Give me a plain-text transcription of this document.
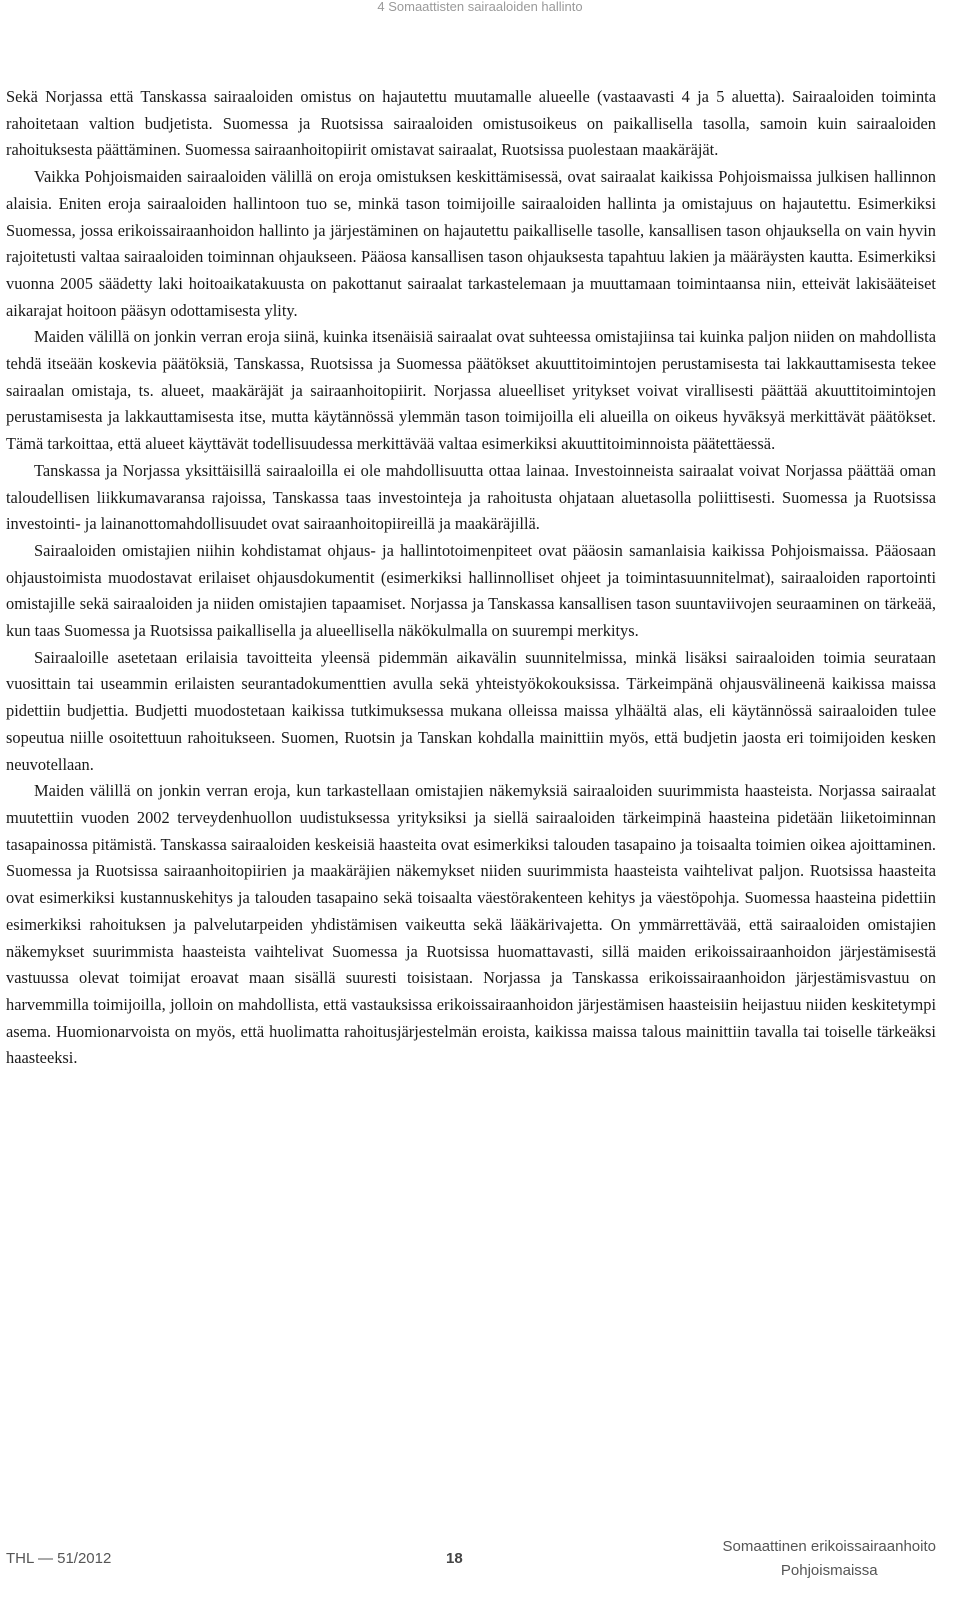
4 Somaattisten sairaaloiden hallinto

Sekä Norjassa että Tanskassa sairaaloiden omistus on hajautettu muutamalle alueelle (vastaavasti 4 ja 5 aluetta). Sairaaloiden toiminta rahoitetaan valtion budjetista. Suomessa ja Ruotsissa sairaaloiden omistusoikeus on paikallisella tasolla, samoin kuin sairaaloiden rahoituksesta päättäminen. Suomessa sairaanhoitopiirit omistavat sairaalat, Ruotsissa puolestaan maakäräjät.

Vaikka Pohjoismaiden sairaaloiden välillä on eroja omistuksen keskittämisessä, ovat sairaalat kaikissa Pohjoismaissa julkisen hallinnon alaisia. Eniten eroja sairaaloiden hallintoon tuo se, minkä tason toimijoille sairaaloiden hallinta ja omistajuus on hajautettu. Esimerkiksi Suomessa, jossa erikoissairaanhoidon hallinto ja järjestäminen on hajautettu paikalliselle tasolle, kansallisen tason ohjauksella on vain hyvin rajoitetusti valtaa sairaaloiden toiminnan ohjaukseen. Pääosa kansallisen tason ohjauksesta tapahtuu lakien ja määräysten kautta. Esimerkiksi vuonna 2005 säädetty laki hoitoaikatakuusta on pakottanut sairaalat tarkastelemaan ja muuttamaan toimintaansa niin, etteivät lakisääteiset aikarajat hoitoon pääsyn odottamisesta ylity.

Maiden välillä on jonkin verran eroja siinä, kuinka itsenäisiä sairaalat ovat suhteessa omistajiinsa tai kuinka paljon niiden on mahdollista tehdä itseään koskevia päätöksiä, Tanskassa, Ruotsissa ja Suomessa päätökset akuuttitoimintojen perustamisesta tai lakkauttamisesta tekee sairaalan omistaja, ts. alueet, maakäräjät ja sairaanhoitopiirit. Norjassa alueelliset yritykset voivat virallisesti päättää akuuttitoimintojen perustamisesta ja lakkauttamisesta itse, mutta käytännössä ylemmän tason toimijoilla eli alueilla on oikeus hyvāksyä merkittävät päätökset. Tämä tarkoittaa, että alueet käyttävät todellisuudessa merkittävää valtaa esimerkiksi akuuttitoiminnoista päätettäessä.

Tanskassa ja Norjassa yksittäisillä sairaaloilla ei ole mahdollisuutta ottaa lainaa. Investoinneista sairaalat voivat Norjassa päättää oman taloudellisen liikkumavaransa rajoissa, Tanskassa taas investointeja ja rahoitusta ohjataan aluetasolla poliittisesti. Suomessa ja Ruotsissa investointi- ja lainanottomahdollisuudet ovat sairaanhoitopiireillä ja maakäräjillä.

Sairaaloiden omistajien niihin kohdistamat ohjaus- ja hallintotoimenpiteet ovat pääosin samanlaisia kaikissa Pohjoismaissa. Pääosaan ohjaustoimista muodostavat erilaiset ohjausdokumentit (esimerkiksi hallinnolliset ohjeet ja toimintasuunnitelmat), sairaaloiden raportointi omistajille sekä sairaaloiden ja niiden omistajien tapaamiset. Norjassa ja Tanskassa kansallisen tason suuntaviivojen seuraaminen on tärkeää, kun taas Suomessa ja Ruotsissa paikallisella ja alueellisella näkökulmalla on suurempi merkitys.

Sairaaloille asetetaan erilaisia tavoitteita yleensä pidemmän aikavälin suunnitelmissa, minkä lisäksi sairaaloiden toimia seurataan vuosittain tai useammin erilaisten seurantadokumenttien avulla sekä yhteistyökokouksissa. Tärkeimpänä ohjausvälineenä kaikissa maissa pidettiin budjettia. Budjetti muodostetaan kaikissa tutkimuksessa mukana olleissa maissa ylhäältä alas, eli käytännössä sairaaloiden tulee sopeutua niille osoitettuun rahoitukseen. Suomen, Ruotsin ja Tanskan kohdalla mainittiin myös, että budjetin jaosta eri toimijoiden kesken neuvotellaan.

Maiden välillä on jonkin verran eroja, kun tarkastellaan omistajien näkemyksiä sairaaloiden suurimmista haasteista. Norjassa sairaalat muutettiin vuoden 2002 terveydenhuollon uudistuksessa yrityksiksi ja siellä sairaaloiden tärkeimpinä haasteina pidetään liiketoiminnan tasapainossa pitämistä. Tanskassa sairaaloiden keskeisiä haasteita ovat esimerkiksi talouden tasapaino ja toisaalta toimien oikea ajoittaminen. Suomessa ja Ruotsissa sairaanhoitopiirien ja maakäräjien näkemykset niiden suurimmista haasteista vaihtelivat paljon. Ruotsissa haasteita ovat esimerkiksi kustannuskehitys ja talouden tasapaino sekä toisaalta väestörakenteen kehitys ja väestöpohja. Suomessa haasteina pidettiin esimerkiksi rahoituksen ja palvelutarpeiden yhdistämisen vaikeutta sekä lääkärivajetta. On ymmärrettävää, että sairaaloiden omistajien näkemykset suurimmista haasteista vaihtelivat Suomessa ja Ruotsissa huomattavasti, sillä maiden erikoissairaanhoidon järjestämisestä vastuussa olevat toimijat eroavat maan sisällä suuresti toisistaan. Norjassa ja Tanskassa erikoissairaanhoidon järjestämisvastuu on harvemmilla toimijoilla, jolloin on mahdollista, että vastauksissa erikoissairaanhoidon järjestämisen haasteisiin heijastuu niiden keskitetympi asema. Huomionarvoista on myös, että huolimatta rahoitusjärjestelmän eroista, kaikissa maissa talous mainittiin tavalla tai toiselle tärkeäksi haasteeksi.

THL — 51/2012	18
Somaattinen erikoissairaanhoito
Pohjoismaissa
